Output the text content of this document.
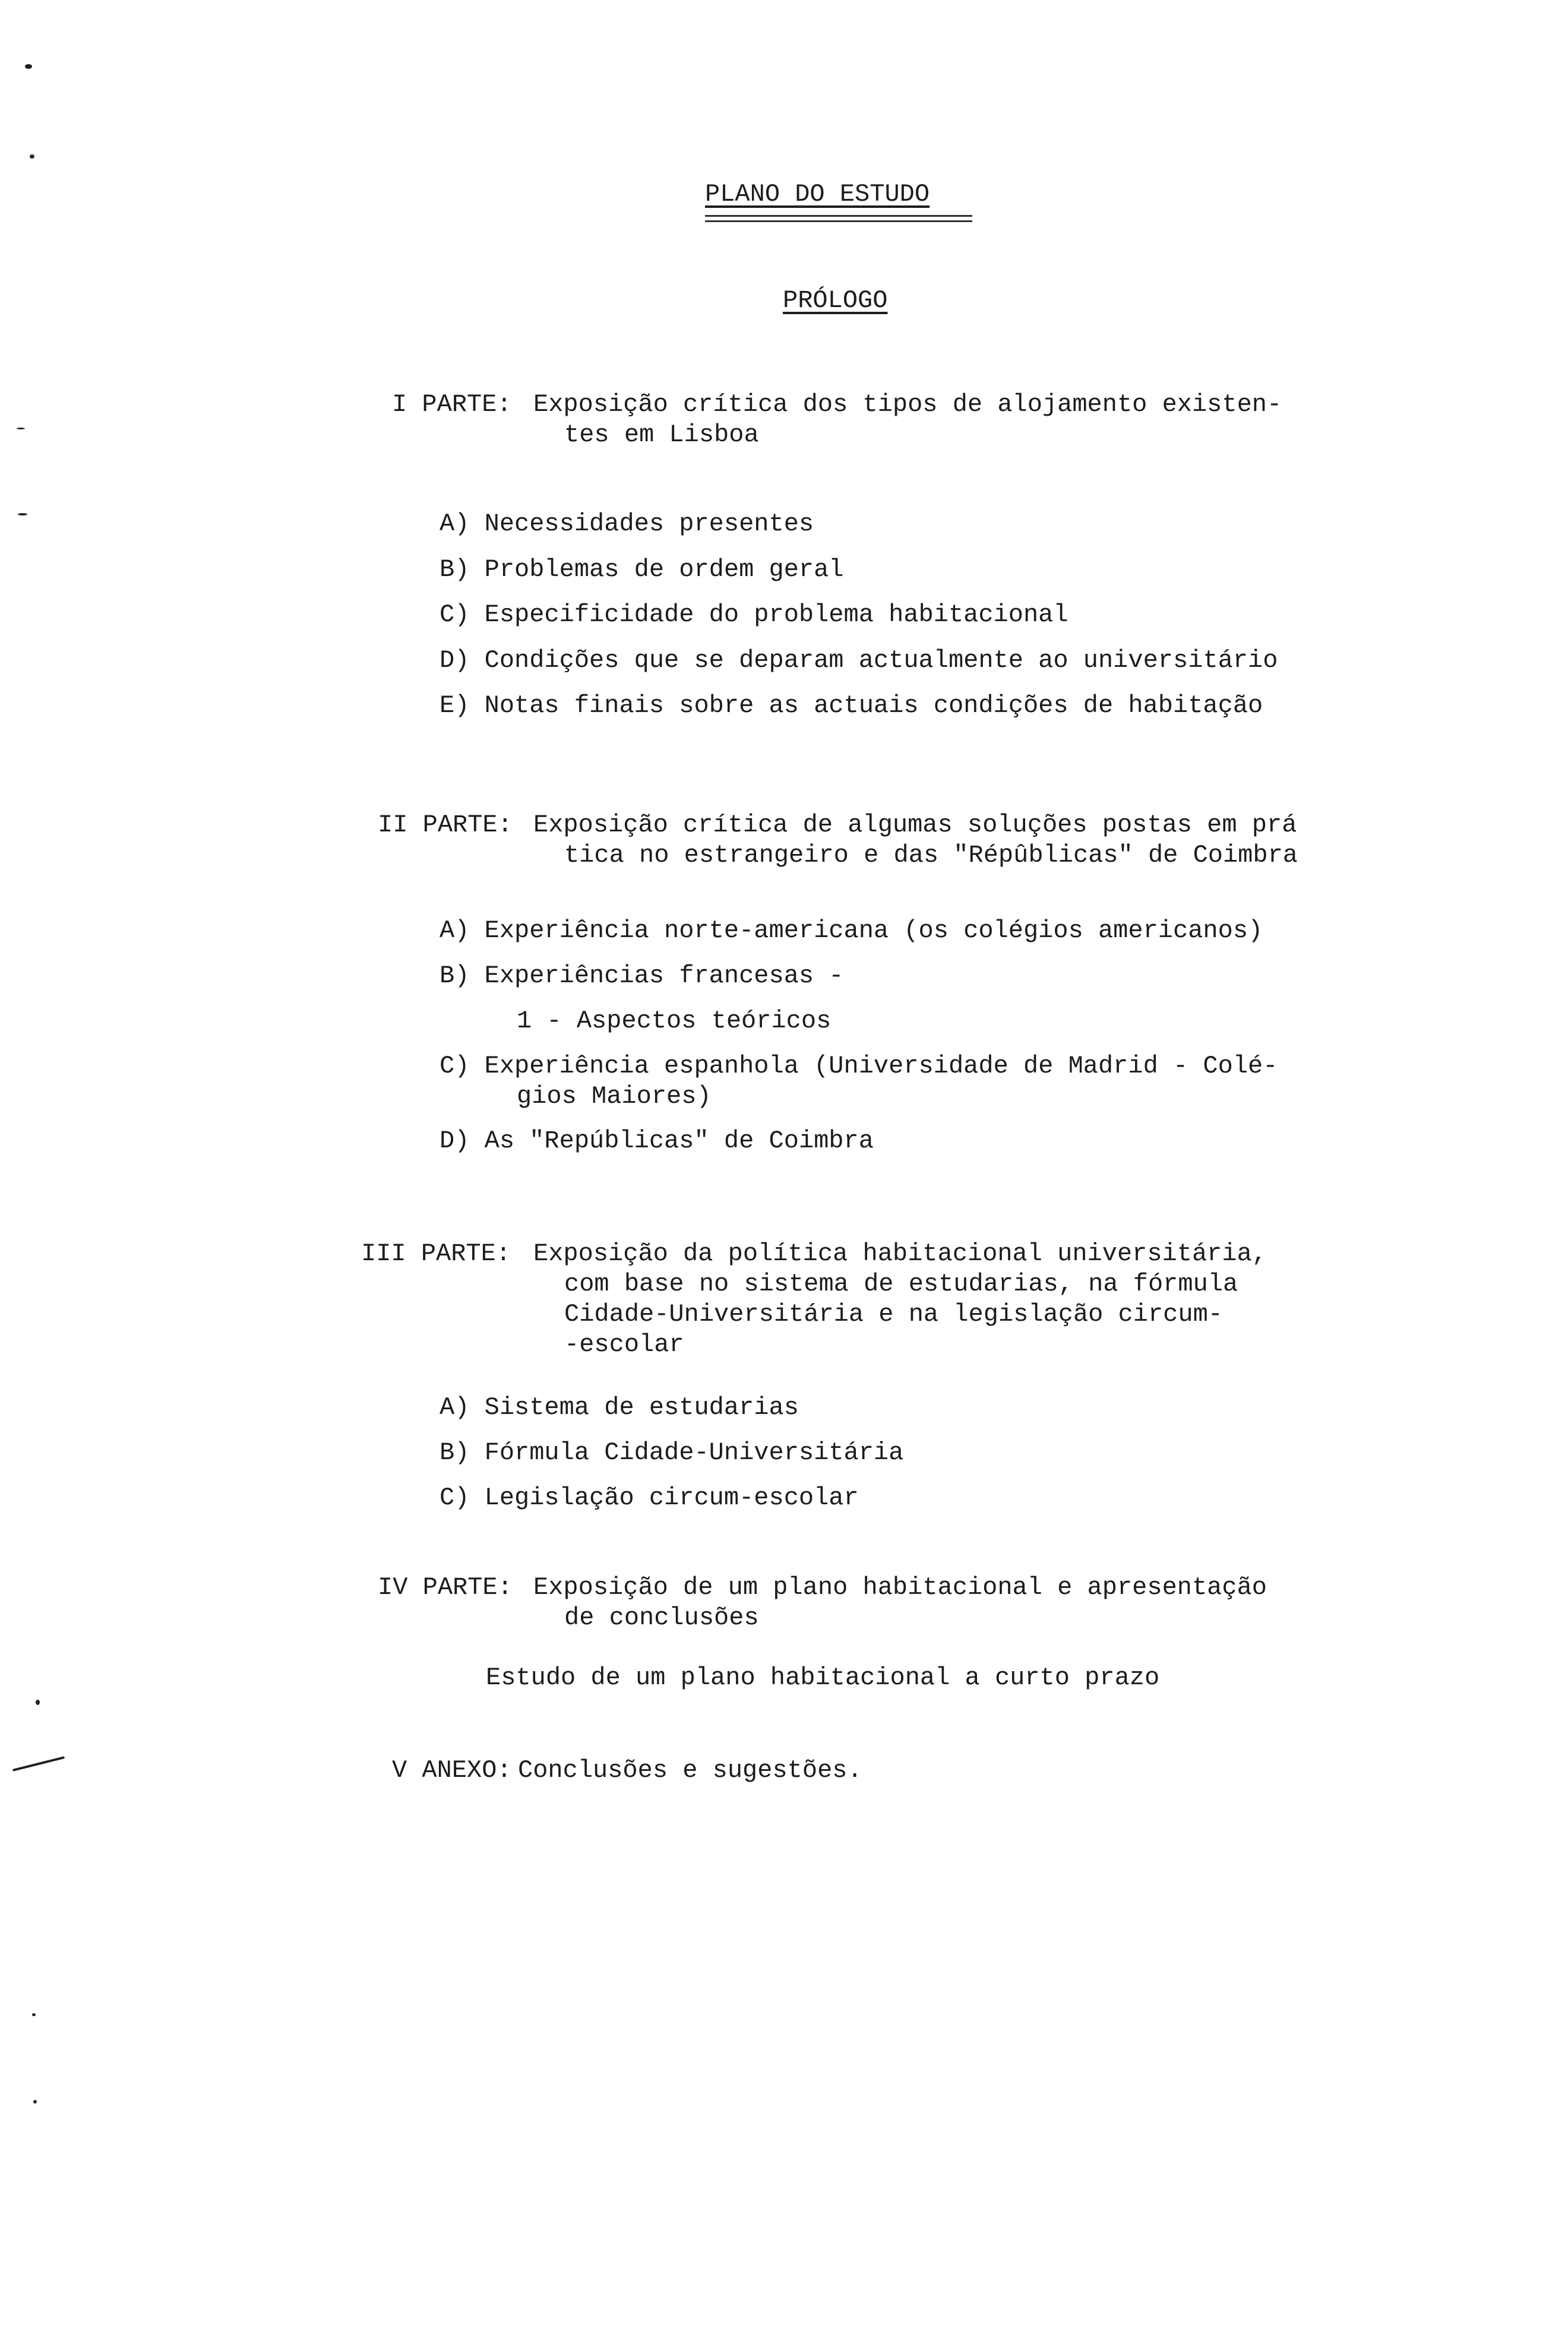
PLANO DO ESTUDO
PRÓLOGO
I PARTE: Exposição crítica dos tipos de alojamento existen-
tes em Lisboa
A) Necessidades presentes
B) Problemas de ordem geral
C) Especificidade do problema habitacional
D) Condições que se deparam actualmente ao universitário
E) Notas finais sobre as actuais condições de habitação
II PARTE: Exposição crítica de algumas soluções postas em prá
tica no estrangeiro e das "Répûblicas" de Coimbra
A) Experiência norte-americana (os colégios americanos)
B) Experiências francesas -
1 - Aspectos teóricos
C) Experiência espanhola (Universidade de Madrid - Colé-
gios Maiores)
D) As "Repúblicas" de Coimbra
III PARTE: Exposição da política habitacional universitária,
com base no sistema de estudarias, na fórmula
Cidade-Universitária e na legislação circum-
-escolar
A) Sistema de estudarias
B) Fórmula Cidade-Universitária
C) Legislação circum-escolar
IV PARTE: Exposição de um plano habitacional e apresentação
de conclusões
Estudo de um plano habitacional a curto prazo
V ANEXO: Conclusões e sugestões.
